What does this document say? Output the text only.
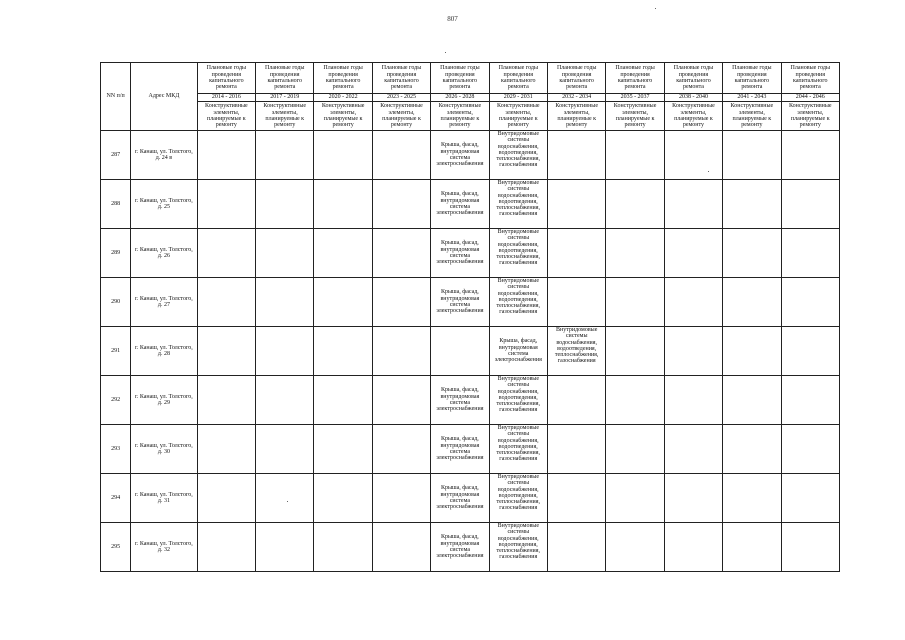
807
NN п/п	Адрес МКД	Плановые годы проведения капитального ремонта	Плановые годы проведения капитального ремонта	Плановые годы проведения капитального ремонта	Плановые годы проведения капитального ремонта	Плановые годы проведения капитального ремонта	Плановые годы проведения капитального ремонта	Плановые годы проведения капитального ремонта	Плановые годы проведения капитального ремонта	Плановые годы проведения капитального ремонта	Плановые годы проведения капитального ремонта	Плановые годы проведения капитального ремонта
		2014 - 2016	2017 - 2019	2020 - 2022	2023 - 2025	2026 - 2028	2029 - 2031	2032 - 2034	2035 - 2037	2038 - 2040	2041 - 2043	2044 - 2046
		Конструктивные элементы, планируемые к ремонту	Конструктивные элементы, планируемые к ремонту	Конструктивные элементы, планируемые к ремонту	Конструктивные элементы, планируемые к ремонту	Конструктивные элементы, планируемые к ремонту	Конструктивные элементы, планируемые к ремонту	Конструктивные элементы, планируемые к ремонту	Конструктивные элементы, планируемые к ремонту	Конструктивные элементы, планируемые к ремонту	Конструктивные элементы, планируемые к ремонту	Конструктивные элементы, планируемые к ремонту
287	г. Канаш, ул. Толстого, д. 24 в					Крыша, фасад, внутридомовая система электроснабжения	Внутридомовые системы водоснабжения, водоотведения, теплоснабжения, газоснабжения					
288	г. Канаш, ул. Толстого, д. 25					Крыша, фасад, внутридомовая система электроснабжения	Внутридомовые системы водоснабжения, водоотведения, теплоснабжения, газоснабжения					
289	г. Канаш, ул. Толстого, д. 26					Крыша, фасад, внутридомовая система электроснабжения	Внутридомовые системы водоснабжения, водоотведения, теплоснабжения, газоснабжения					
290	г. Канаш, ул. Толстого, д. 27					Крыша, фасад, внутридомовая система электроснабжения	Внутридомовые системы водоснабжения, водоотведения, теплоснабжения, газоснабжения					
291	г. Канаш, ул. Толстого, д. 28						Крыша, фасад, внутридомовая система электроснабжения	Внутридомовые системы водоснабжения, водоотведения, теплоснабжения, газоснабжения				
292	г. Канаш, ул. Толстого, д. 29					Крыша, фасад, внутридомовая система электроснабжения	Внутридомовые системы водоснабжения, водоотведения, теплоснабжения, газоснабжения					
293	г. Канаш, ул. Толстого, д. 30					Крыша, фасад, внутридомовая система электроснабжения	Внутридомовые системы водоснабжения, водоотведения, теплоснабжения, газоснабжения					
294	г. Канаш, ул. Толстого, д. 31					Крыша, фасад, внутридомовая система электроснабжения	Внутридомовые системы водоснабжения, водоотведения, теплоснабжения, газоснабжения					
295	г. Канаш, ул. Толстого, д. 32					Крыша, фасад, внутридомовая система электроснабжения	Внутридомовые системы водоснабжения, водоотведения, теплоснабжения, газоснабжения					
